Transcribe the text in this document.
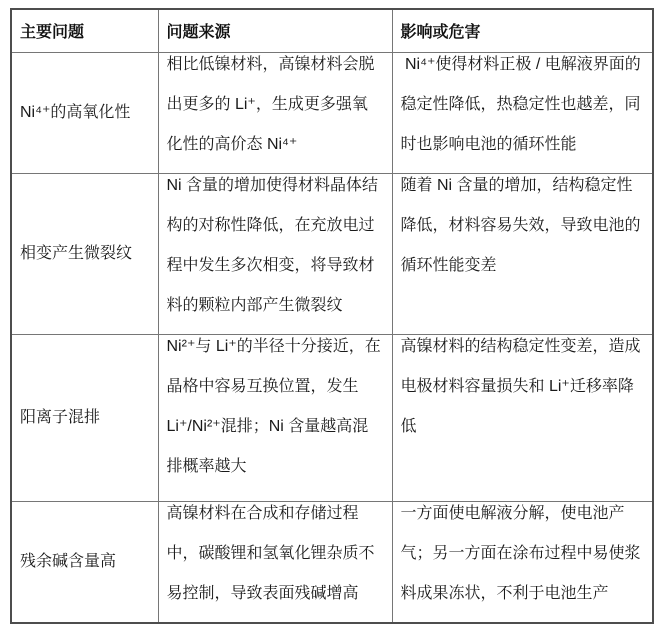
主要问题	问题来源	影响或危害
Ni⁴⁺的高氧化性	相比低镍材料，高镍材料会脱出更多的 Li⁺，生成更多强氧化性的高价态 Ni⁴⁺	Ni⁴⁺使得材料正极 / 电解液界面的稳定性降低，热稳定性也越差，同时也影响电池的循环性能

相变产生微裂纹	Ni 含量的增加使得材料晶体结构的对称性降低，在充放电过程中发生多次相变，将导致材料的颗粒内部产生微裂纹	随着 Ni 含量的增加，结构稳定性降低，材料容易失效，导致电池的循环性能变差

阳离子混排	Ni²⁺与 Li⁺的半径十分接近，在晶格中容易互换位置，发生 Li⁺/Ni²⁺混排；Ni 含量越高混排概率越大	高镍材料的结构稳定性变差，造成电极材料容量损失和 Li⁺迁移率降低

残余碱含量高	高镍材料在合成和存储过程中，碳酸锂和氢氧化锂杂质不易控制，导致表面残碱增高	一方面使电解液分解，使电池产气；另一方面在涂布过程中易使浆料成果冻状，不利于电池生产
